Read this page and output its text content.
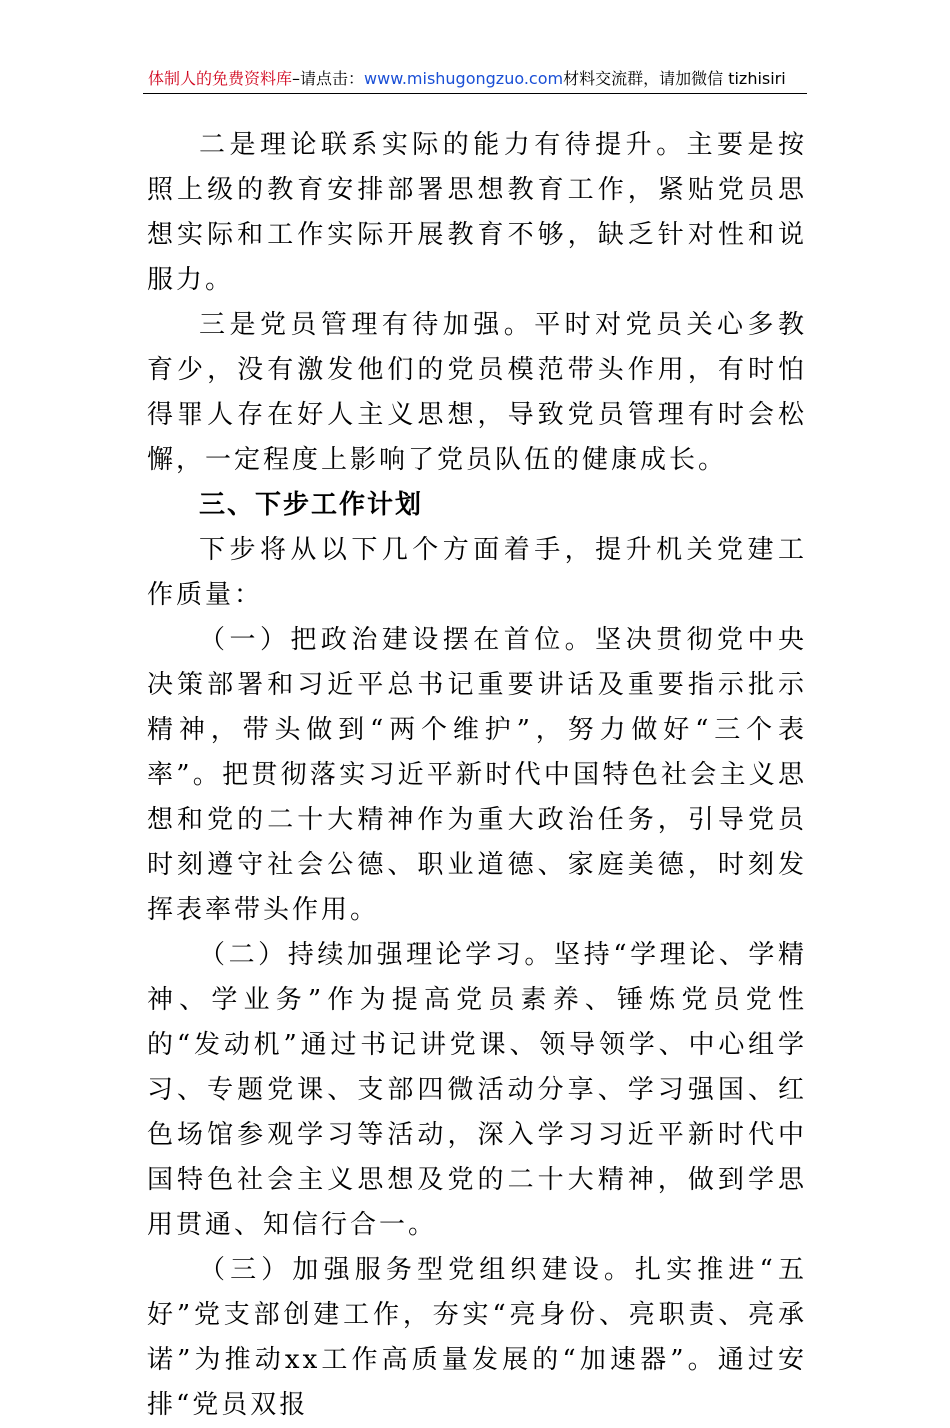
体制人的免费资料库–请点击：www.mishugongzuo.com材料交流群，请加微信 tizhisiri

二是理论联系实际的能力有待提升。主要是按照上级的教育安排部署思想教育工作，紧贴党员思想实际和工作实际开展教育不够，缺乏针对性和说服力。

三是党员管理有待加强。平时对党员关心多教育少，没有激发他们的党员模范带头作用，有时怕得罪人存在好人主义思想，导致党员管理有时会松懈，一定程度上影响了党员队伍的健康成长。

三、下步工作计划

下步将从以下几个方面着手，提升机关党建工作质量：

（一）把政治建设摆在首位。坚决贯彻党中央决策部署和习近平总书记重要讲话及重要指示批示精神，带头做到“两个维护”，努力做好“三个表率”。把贯彻落实习近平新时代中国特色社会主义思想和党的二十大精神作为重大政治任务，引导党员时刻遵守社会公德、职业道德、家庭美德，时刻发挥表率带头作用。

（二）持续加强理论学习。坚持“学理论、学精神、学业务”作为提高党员素养、锤炼党员党性的“发动机”通过书记讲党课、领导领学、中心组学习、专题党课、支部四微活动分享、学习强国、红色场馆参观学习等活动，深入学习习近平新时代中国特色社会主义思想及党的二十大精神，做到学思用贯通、知信行合一。

（三）加强服务型党组织建设。扎实推进“五好”党支部创建工作，夯实“亮身份、亮职责、亮承诺”为推动xx工作高质量发展的“加速器”。通过安排“党员双报
